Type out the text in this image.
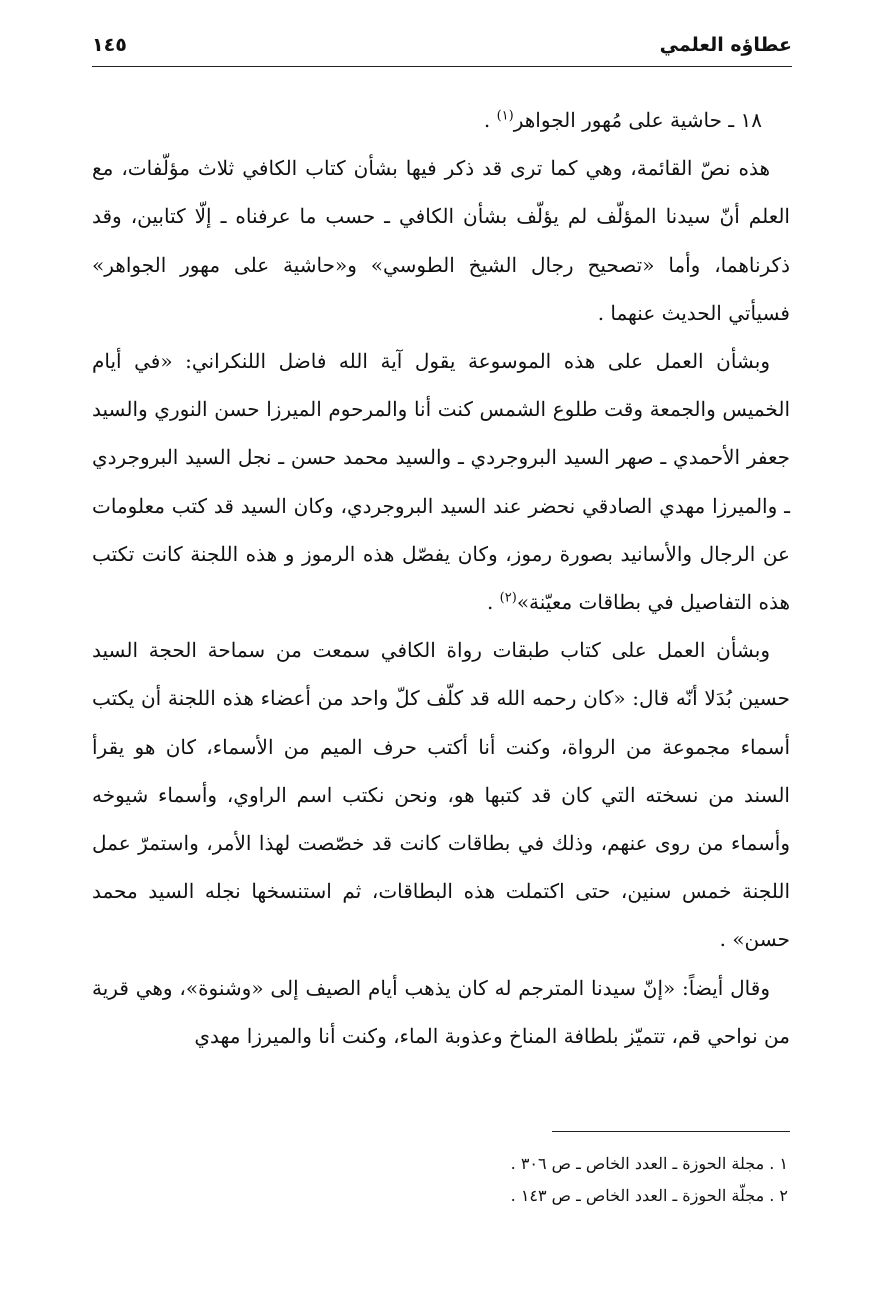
عطاؤه العلمي
١٤٥

١٨ ـ حاشية على مُهور الجواهر$^{(١)}$ .

هذه نصّ القائمة، وهي كما ترى قد ذكر فيها بشأن كتاب الكافي ثلاث مؤلّفات، مع العلم أنّ سيدنا المؤلّف لم يؤلّف بشأن الكافي ـ حسب ما عرفناه ـ إلّا كتابين، وقد ذكرناهما، وأما «تصحيح رجال الشيخ الطوسي» و«حاشية على مهور الجواهر» فسيأتي الحديث عنهما .

وبشأن العمل على هذه الموسوعة يقول آية الله فاضل اللنكراني: «في أيام الخميس والجمعة وقت طلوع الشمس كنت أنا والمرحوم الميرزا حسن النوري والسيد جعفر الأحمدي ـ صهر السيد البروجردي ـ والسيد محمد حسن ـ نجل السيد البروجردي ـ والميرزا مهدي الصادقي نحضر عند السيد البروجردي، وكان السيد قد كتب معلومات عن الرجال والأسانيد بصورة رموز، وكان يفصّل هذه الرموز و هذه اللجنة كانت تكتب هذه التفاصيل في بطاقات معيّنة»$^{(٢)}$ .

وبشأن العمل على كتاب طبقات رواة الكافي سمعت من سماحة الحجة السيد حسين بُدَلا أنّه قال: «كان رحمه الله قد كلّف كلّ واحد من أعضاء هذه اللجنة أن يكتب أسماء مجموعة من الرواة، وكنت أنا أكتب حرف الميم من الأسماء، كان هو يقرأ السند من نسخته التي كان قد كتبها هو، ونحن نكتب اسم الراوي، وأسماء شيوخه وأسماء من روى عنهم، وذلك في بطاقات كانت قد خصّصت لهذا الأمر، واستمرّ عمل اللجنة خمس سنين، حتى اكتملت هذه البطاقات، ثم استنسخها نجله السيد محمد حسن» .

وقال أيضاً: «إنّ سيدنا المترجم له كان يذهب أيام الصيف إلى «وشنوة»، وهي قرية من نواحي قم، تتميّز بلطافة المناخ وعذوبة الماء، وكنت أنا والميرزا مهدي

١ . مجلة الحوزة ـ العدد الخاص ـ ص ٣٠٦ .

٢ . مجلّة الحوزة ـ العدد الخاص ـ ص ١٤٣ .
